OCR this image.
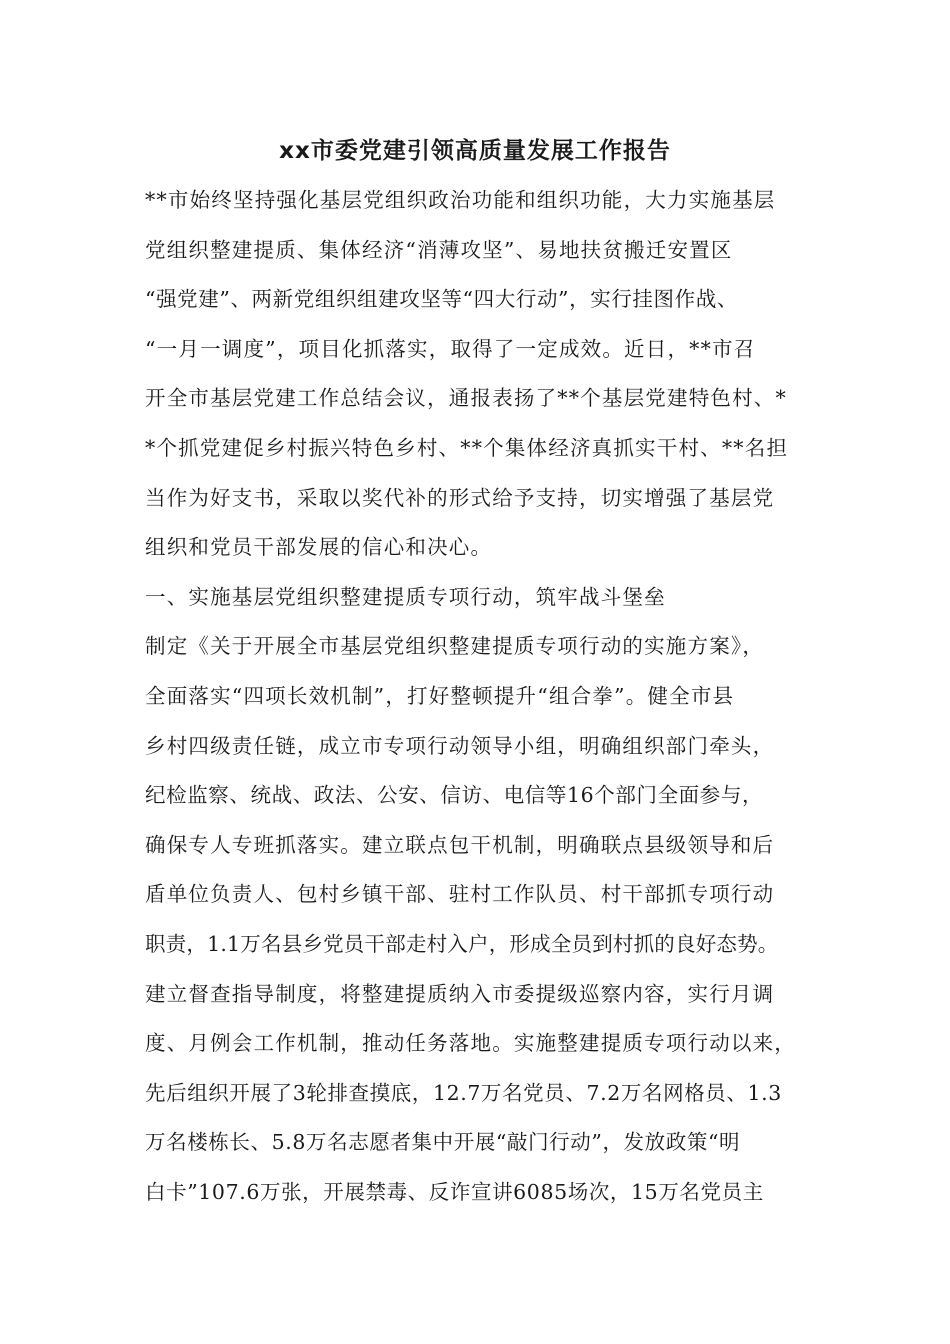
xx市委党建引领高质量发展工作报告
**市始终坚持强化基层党组织政治功能和组织功能，大力实施基层
党组织整建提质、集体经济“消薄攻坚”、易地扶贫搬迁安置区
“强党建”、两新党组织组建攻坚等“四大行动”，实行挂图作战、
“一月一调度”，项目化抓落实，取得了一定成效。近日，**市召
开全市基层党建工作总结会议，通报表扬了**个基层党建特色村、*
*个抓党建促乡村振兴特色乡村、**个集体经济真抓实干村、**名担
当作为好支书，采取以奖代补的形式给予支持，切实增强了基层党
组织和党员干部发展的信心和决心。
一、实施基层党组织整建提质专项行动，筑牢战斗堡垒
制定《关于开展全市基层党组织整建提质专项行动的实施方案》，
全面落实“四项长效机制”，打好整顿提升“组合拳”。健全市县
乡村四级责任链，成立市专项行动领导小组，明确组织部门牵头，
纪检监察、统战、政法、公安、信访、电信等16个部门全面参与，
确保专人专班抓落实。建立联点包干机制，明确联点县级领导和后
盾单位负责人、包村乡镇干部、驻村工作队员、村干部抓专项行动
职责，1.1万名县乡党员干部走村入户，形成全员到村抓的良好态势。
建立督查指导制度，将整建提质纳入市委提级巡察内容，实行月调
度、月例会工作机制，推动任务落地。实施整建提质专项行动以来，
先后组织开展了3轮排查摸底，12.7万名党员、7.2万名网格员、1.3
万名楼栋长、5.8万名志愿者集中开展“敲门行动”，发放政策“明
白卡”107.6万张，开展禁毒、反诈宣讲6085场次，15万名党员主
